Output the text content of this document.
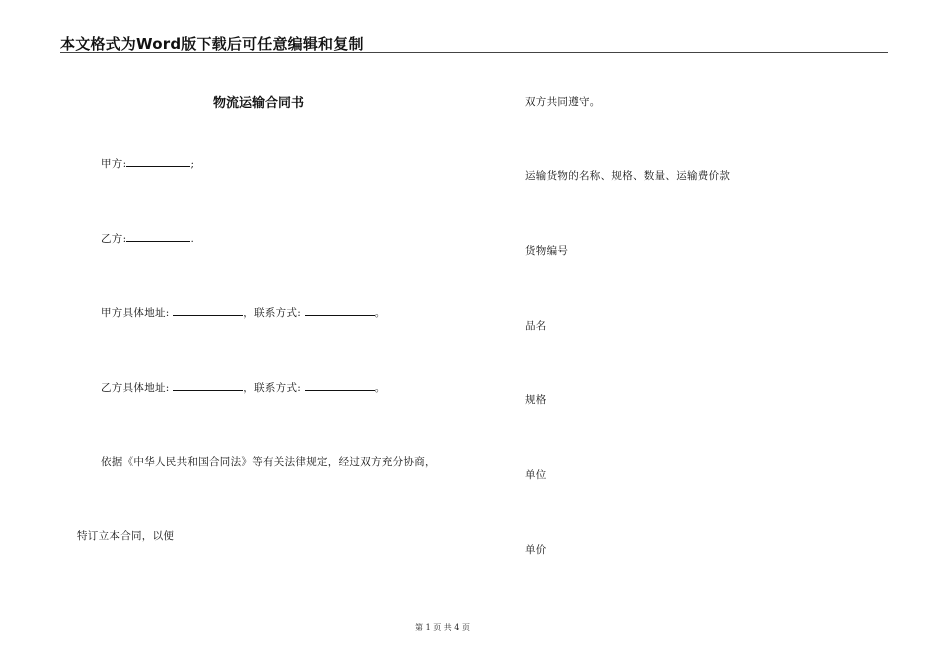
本文格式为Word版下载后可任意编辑和复制
物流运输合同书
甲方:	;
乙方:	.
甲方具体地址:	，联系方式:	。
乙方具体地址:	，联系方式:	。
依据《中华人民共和国合同法》等有关法律规定，经过双方充分协商，
特订立本合同，以便
双方共同遵守。
运输货物的名称、规格、数量、运输费价款
货物编号
品名
规格
单位
单价
第 1 页 共 4 页
